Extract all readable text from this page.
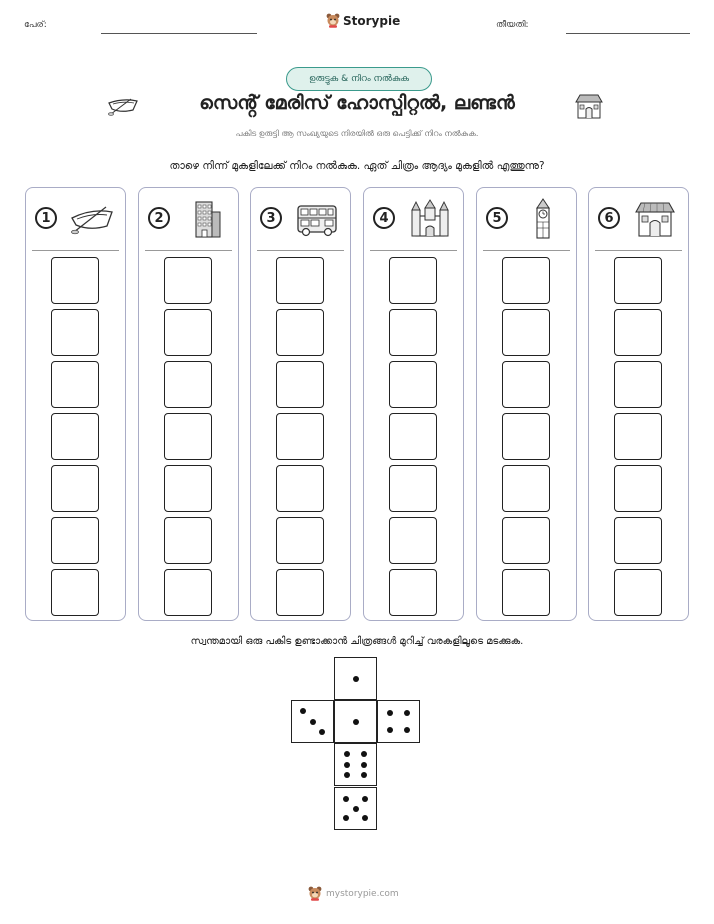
പേര്:	Storypie	തീയതി:
ഉരുട്ടുക & നിറം നൽകുക
സെൻ്റ് മേരിസ് ഹോസ്പിറ്റൽ, ലണ്ടൻ
പകിട ഉരുട്ടി ആ സംഖ്യയുടെ നിരയിൽ ഒരു പെട്ടിക്ക് നിറം നൽകുക.
താഴെ നിന്ന് മുകളിലേക്ക് നിറം നൽകുക. ഏത് ചിത്രം ആദ്യം മുകളിൽ എത്തുന്നു?
1	2	3	4	5	6
സ്വന്തമായി ഒരു പകിട ഉണ്ടാക്കാൻ ചിത്രങ്ങൾ മുറിച്ച് വരകളിലൂടെ മടക്കുക.
mystorypie.com
